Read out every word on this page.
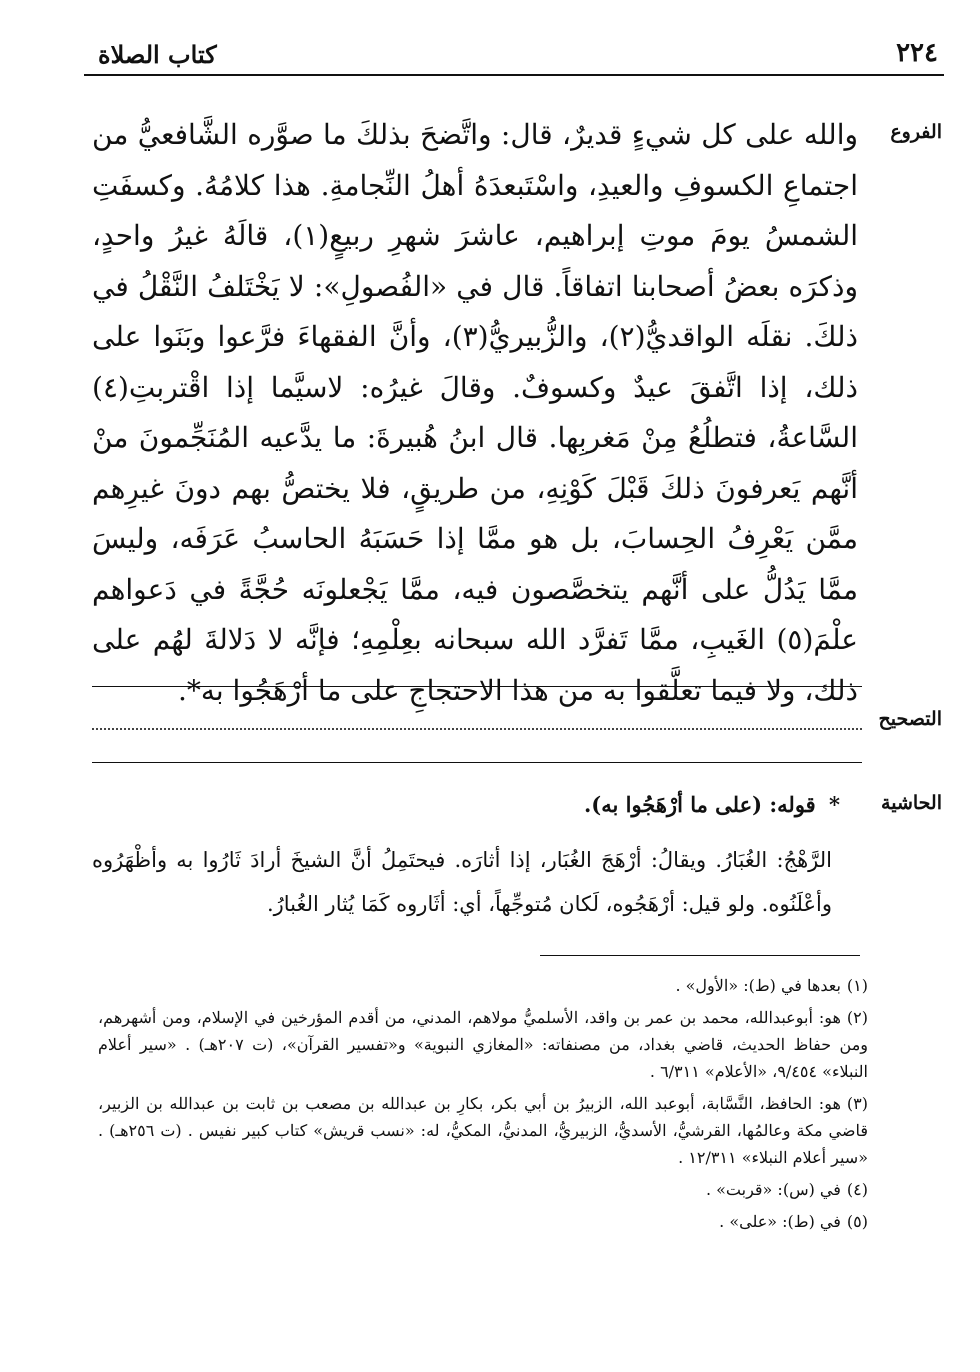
كتاب الصلاة	٢٢٤
الفروع

والله على كل شيءٍ قديرٌ، قال: واتَّضحَ بذلكَ ما صوَّره الشَّافعيُّ من اجتماعِ الكسوفِ والعيدِ، واسْتَبعدَهُ أهلُ النِّجامةِ. هذا كلامُهُ. وكسفَتِ الشمسُ يومَ موتِ إبراهيم، عاشرَ شهرِ ربيعٍ(١)، قالَهُ غيرُ واحدٍ، وذكرَه بعضُ أصحابنا اتفاقاً. قال في «الفُصولِ»: لا يَخْتَلفُ النَّقْلُ في ذلكَ. نقلَه الواقديُّ(٢)، والزُّبيريُّ(٣)، وأنَّ الفقهاءَ فرَّعوا وبَنَوا على ذلك، إذا اتَّفقَ عيدٌ وكسوفٌ. وقالَ غيرُه: لاسيَّما إذا اقْتربتِ(٤) السَّاعةُ، فتطلُعُ مِنْ مَغربِها. قال ابنُ هُبيرةَ: ما يدَّعيه المُنَجِّمونَ منْ أنَّهم يَعرفونَ ذلكَ قَبْلَ كَوْنِهِ، من طريقٍ، فلا يختصُّ بهم دونَ غيرِهم ممَّن يَعْرِفُ الحِسابَ، بل هو ممَّا إذا حَسَبَهُ الحاسبُ عَرَفَه، وليسَ ممَّا يَدُلُّ على أنَّهم يتخصَّصون فيه، ممَّا يَجْعلونَه حُجَّةً في دَعواهم علْمَ(٥) الغَيبِ، ممَّا تَفرَّد الله سبحانه بعِلْمِهِ؛ فإنَّه لا دَلالةَ لهُم على ذلك، ولا فيما تعلَّقوا به من هذا الاحتجاجِ على ما أرْهَجُوا به*.

التصحيح
الحاشية
* قوله: (على ما أرْهَجُوا به).

الرَّهْجُ: الغُبَارُ. ويقالُ: أرْهَجَ الغُبَار، إذا أثارَه. فيحتَمِلُ أنَّ الشيخَ أرادَ ثَارُوا به وأظْهَرُوه وأعْلَنُوه. ولو قيل: أرْهَجُوه، لَكان مُتوجِّهاً، أي: أثَاروه كَمَا يُثار الغُبارُ.

(١)بعدها في (ط): «الأول» .

(٢)هو: أبوعبدالله، محمد بن عمر بن واقد، الأسلميُّ مولاهم، المدني، من أقدم المؤرخين في الإسلام، ومن أشهرهم، ومن حفاظ الحديث، قاضي بغداد، من مصنفاته: «المغازي النبوية» و«تفسير القرآن»، (ت ٢٠٧هـ) . «سير أعلام النبلاء» ٩/٤٥٤، «الأعلام» ٦/٣١١ .

(٣)هو: الحافظ، النَّسَّابة، أبوعبد الله، الزبيرُ بن أبي بكر، بكارِ بن عبدالله بن مصعب بن ثابت بن عبدالله بن الزبير، قاضي مكة وعالمُها، القرشيُّ، الأسديُّ، الزبيريُّ، المدنيُّ، المكيُّ، له: «نسب قريش» كتاب كبير نفيس . (ت ٢٥٦هـ) . «سير أعلام النبلاء» ١٢/٣١١ .

(٤)في (س): «قربت» .

(٥)في (ط): «على» .
